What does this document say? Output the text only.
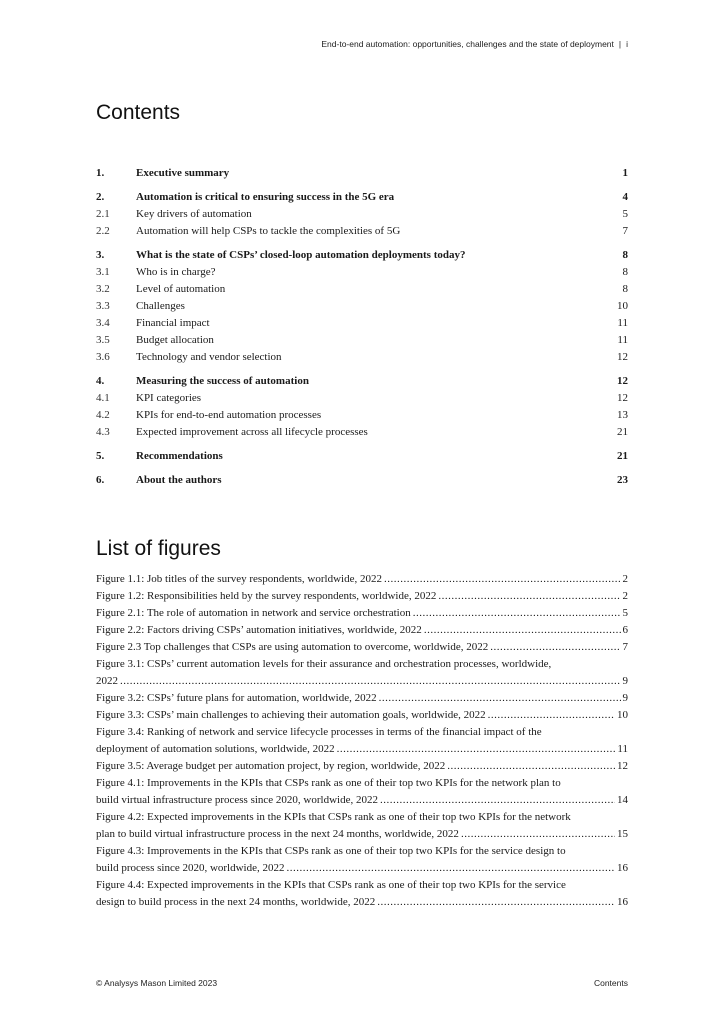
End-to-end automation: opportunities, challenges and the state of deployment | i
Contents
1.	Executive summary	1
2.	Automation is critical to ensuring success in the 5G era	4
2.1	Key drivers of automation	5
2.2	Automation will help CSPs to tackle the complexities of 5G	7
3.	What is the state of CSPs’ closed-loop automation deployments today?	8
3.1	Who is in charge?	8
3.2	Level of automation	8
3.3	Challenges	10
3.4	Financial impact	11
3.5	Budget allocation	11
3.6	Technology and vendor selection	12
4.	Measuring the success of automation	12
4.1	KPI categories	12
4.2	KPIs for end-to-end automation processes	13
4.3	Expected improvement across all lifecycle processes	21
5.	Recommendations	21
6.	About the authors	23
List of figures
Figure 1.1: Job titles of the survey respondents, worldwide, 2022 .....	2
Figure 1.2: Responsibilities held by the survey respondents, worldwide, 2022 .....	2
Figure 2.1: The role of automation in network and service orchestration .....	5
Figure 2.2: Factors driving CSPs’ automation initiatives, worldwide, 2022 .....	6
Figure 2.3 Top challenges that CSPs are using automation to overcome, worldwide, 2022 .....	7
Figure 3.1: CSPs’ current automation levels for their assurance and orchestration processes, worldwide,
2022 .....	9
Figure 3.2: CSPs’ future plans for automation, worldwide, 2022 .....	9
Figure 3.3: CSPs’ main challenges to achieving their automation goals, worldwide, 2022 .....	10
Figure 3.4: Ranking of network and service lifecycle processes in terms of the financial impact of the
deployment of automation solutions, worldwide, 2022 .....	11
Figure 3.5: Average budget per automation project, by region, worldwide, 2022 .....	12
Figure 4.1: Improvements in the KPIs that CSPs rank as one of their top two KPIs for the network plan to
build virtual infrastructure process since 2020, worldwide, 2022 .....	14
Figure 4.2: Expected improvements in the KPIs that CSPs rank as one of their top two KPIs for the network
plan to build virtual infrastructure process in the next 24 months, worldwide, 2022 .....	15
Figure 4.3: Improvements in the KPIs that CSPs rank as one of their top two KPIs for the service design to
build process since 2020, worldwide, 2022 .....	16
Figure 4.4: Expected improvements in the KPIs that CSPs rank as one of their top two KPIs for the service
design to build process in the next 24 months, worldwide, 2022 .....	16
© Analysys Mason Limited 2023	Contents
